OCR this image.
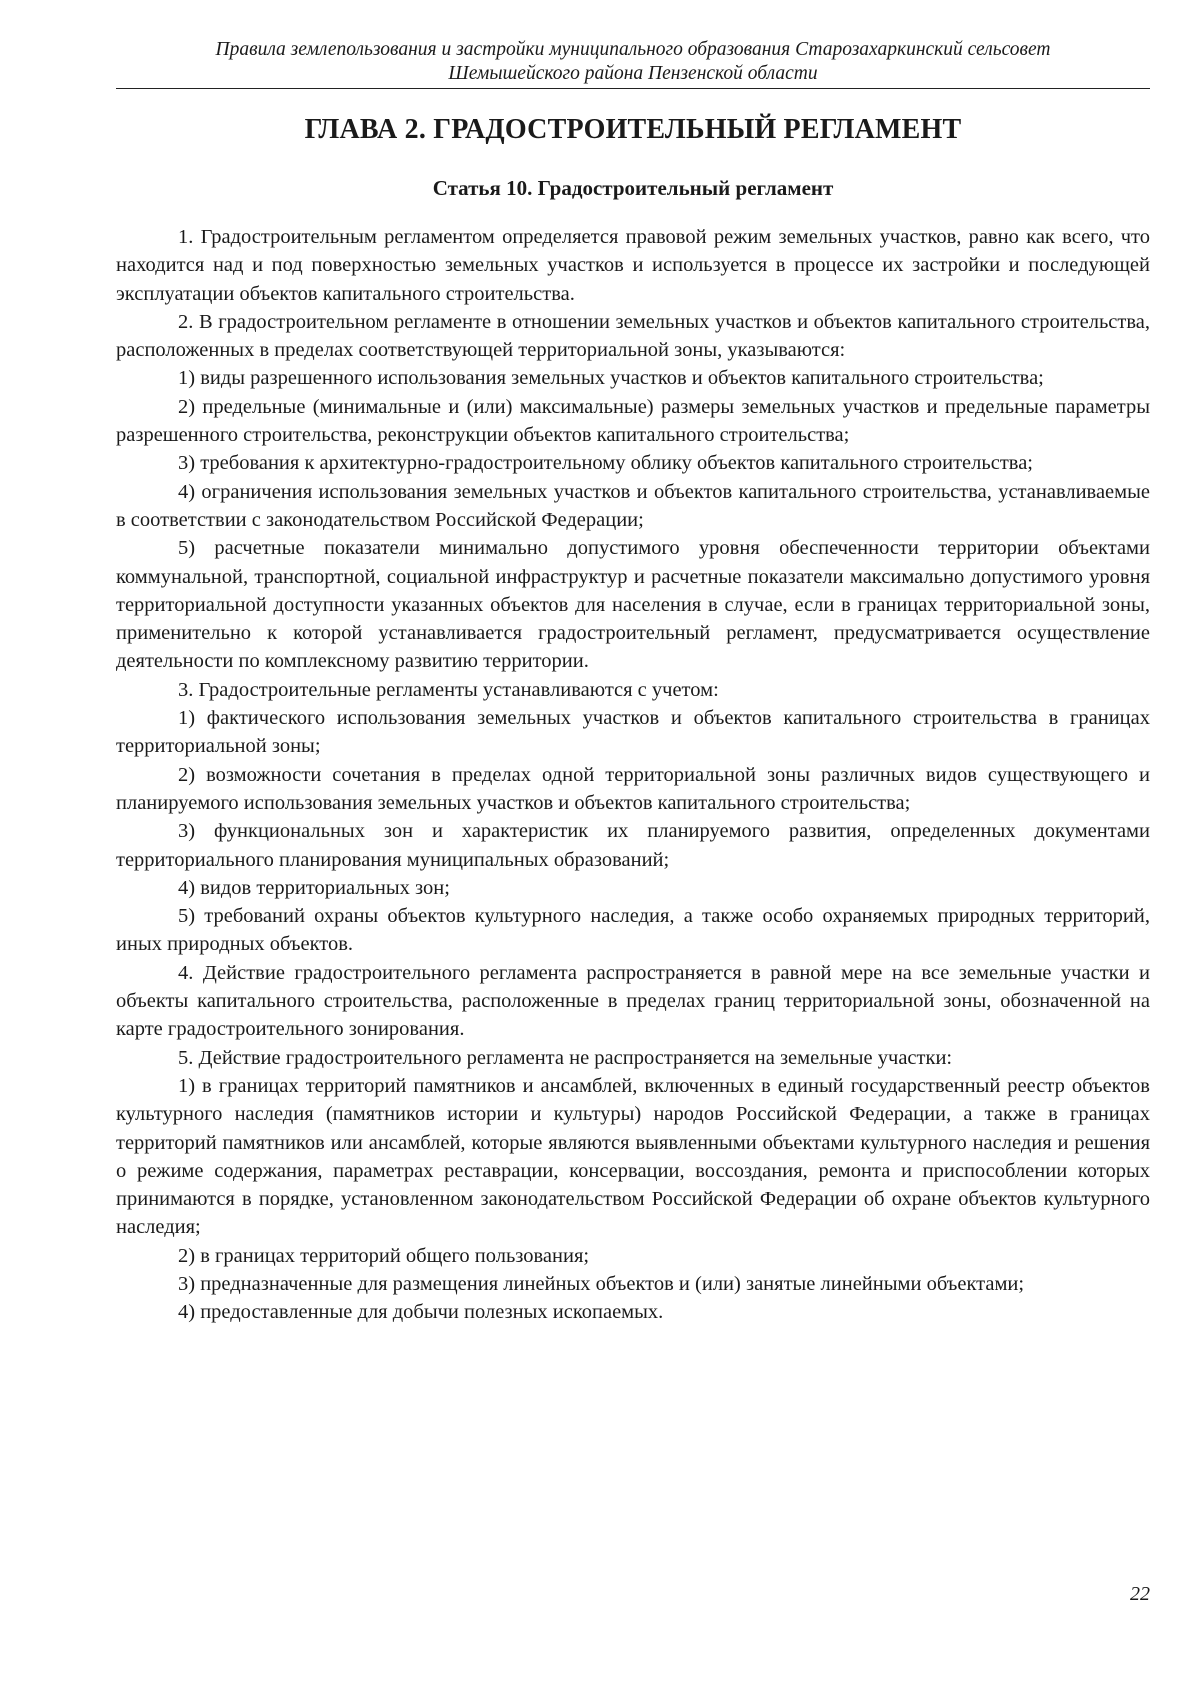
Правила землепользования и застройки муниципального образования Старозахаркинский сельсовет
Шемышейского района Пензенской области
ГЛАВА 2. ГРАДОСТРОИТЕЛЬНЫЙ РЕГЛАМЕНТ
Статья 10. Градостроительный регламент

1. Градостроительным регламентом определяется правовой режим земельных участков, равно как всего, что находится над и под поверхностью земельных участков и используется в процессе их застройки и последующей эксплуатации объектов капитального строительства.

2. В градостроительном регламенте в отношении земельных участков и объектов капитального строительства, расположенных в пределах соответствующей территориальной зоны, указываются:

1) виды разрешенного использования земельных участков и объектов капитального строительства;

2) предельные (минимальные и (или) максимальные) размеры земельных участков и предельные параметры разрешенного строительства, реконструкции объектов капитального строительства;

3) требования к архитектурно-градостроительному облику объектов капитального строительства;

4) ограничения использования земельных участков и объектов капитального строительства, устанавливаемые в соответствии с законодательством Российской Федерации;

5) расчетные показатели минимально допустимого уровня обеспеченности территории объектами коммунальной, транспортной, социальной инфраструктур и расчетные показатели максимально допустимого уровня территориальной доступности указанных объектов для населения в случае, если в границах территориальной зоны, применительно к которой устанавливается градостроительный регламент, предусматривается осуществление деятельности по комплексному развитию территории.

3. Градостроительные регламенты устанавливаются с учетом:

1) фактического использования земельных участков и объектов капитального строительства в границах территориальной зоны;

2) возможности сочетания в пределах одной территориальной зоны различных видов существующего и планируемого использования земельных участков и объектов капитального строительства;

3) функциональных зон и характеристик их планируемого развития, определенных документами территориального планирования муниципальных образований;

4) видов территориальных зон;

5) требований охраны объектов культурного наследия, а также особо охраняемых природных территорий, иных природных объектов.

4. Действие градостроительного регламента распространяется в равной мере на все земельные участки и объекты капитального строительства, расположенные в пределах границ территориальной зоны, обозначенной на карте градостроительного зонирования.

5. Действие градостроительного регламента не распространяется на земельные участки:

1) в границах территорий памятников и ансамблей, включенных в единый государственный реестр объектов культурного наследия (памятников истории и культуры) народов Российской Федерации, а также в границах территорий памятников или ансамблей, которые являются выявленными объектами культурного наследия и решения о режиме содержания, параметрах реставрации, консервации, воссоздания, ремонта и приспособлении которых принимаются в порядке, установленном законодательством Российской Федерации об охране объектов культурного наследия;

2) в границах территорий общего пользования;

3) предназначенные для размещения линейных объектов и (или) занятые линейными объектами;

4) предоставленные для добычи полезных ископаемых.

22
